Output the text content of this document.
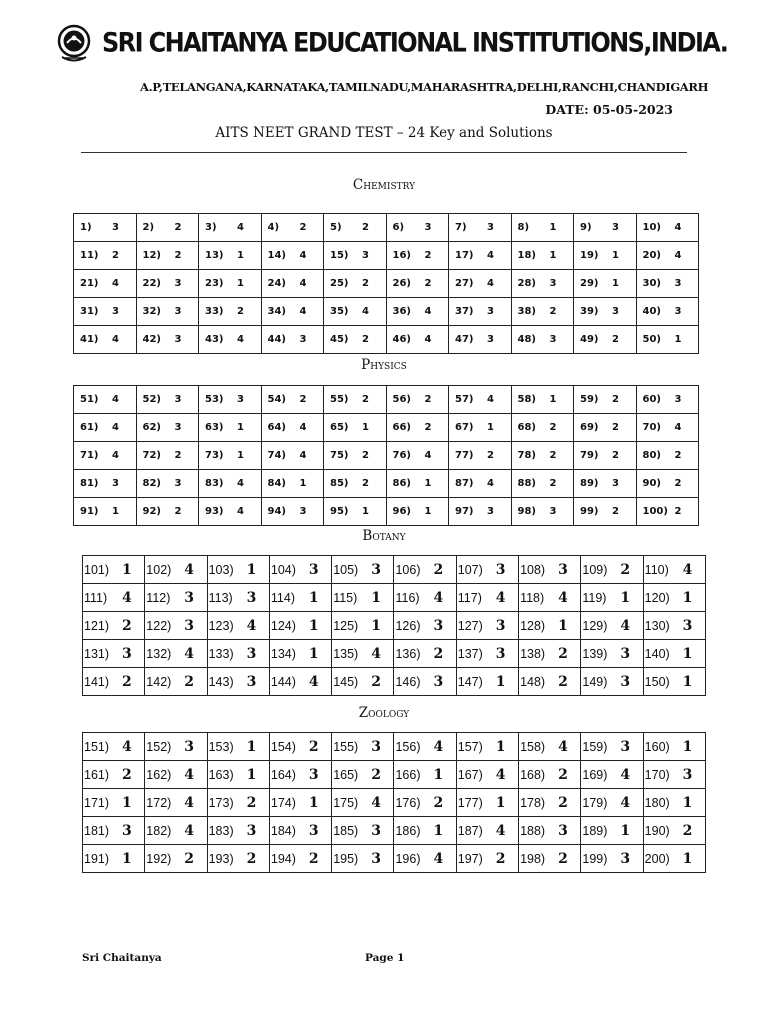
SRI CHAITANYA EDUCATIONAL INSTITUTIONS,INDIA.
A.P,TELANGANA,KARNATAKA,TAMILNADU,MAHARASHTRA,DELHI,RANCHI,CHANDIGARH
DATE: 05-05-2023
AITS NEET GRAND TEST – 24 Key and Solutions
Chemistry
1) 3	2) 2	3) 4	4) 2	5) 2	6) 3	7) 3	8) 1	9) 3	10) 4

11) 2	12) 2	13) 1	14) 4	15) 3	16) 2	17) 4	18) 1	19) 1	20) 4

21) 4	22) 3	23) 1	24) 4	25) 2	26) 2	27) 4	28) 3	29) 1	30) 3

31) 3	32) 3	33) 2	34) 4	35) 4	36) 4	37) 3	38) 2	39) 3	40) 3

41) 4	42) 3	43) 4	44) 3	45) 2	46) 4	47) 3	48) 3	49) 2	50) 1
Physics
51) 4	52) 3	53) 3	54) 2	55) 2	56) 2	57) 4	58) 1	59) 2	60) 3

61) 4	62) 3	63) 1	64) 4	65) 1	66) 2	67) 1	68) 2	69) 2	70) 4

71) 4	72) 2	73) 1	74) 4	75) 2	76) 4	77) 2	78) 2	79) 2	80) 2

81) 3	82) 3	83) 4	84) 1	85) 2	86) 1	87) 4	88) 2	89) 3	90) 2

91) 1	92) 2	93) 4	94) 3	95) 1	96) 1	97) 3	98) 3	99) 2	100) 2
Botany
101) 1	102) 4	103) 1	104) 3	105) 3	106) 2	107) 3	108) 3	109) 2	110) 4

111) 4	112) 3	113) 3	114) 1	115) 1	116) 4	117) 4	118) 4	119) 1	120) 1

121) 2	122) 3	123) 4	124) 1	125) 1	126) 3	127) 3	128) 1	129) 4	130) 3

131) 3	132) 4	133) 3	134) 1	135) 4	136) 2	137) 3	138) 2	139) 3	140) 1

141) 2	142) 2	143) 3	144) 4	145) 2	146) 3	147) 1	148) 2	149) 3	150) 1
Zoology
151) 4	152) 3	153) 1	154) 2	155) 3	156) 4	157) 1	158) 4	159) 3	160) 1

161) 2	162) 4	163) 1	164) 3	165) 2	166) 1	167) 4	168) 2	169) 4	170) 3

171) 1	172) 4	173) 2	174) 1	175) 4	176) 2	177) 1	178) 2	179) 4	180) 1

181) 3	182) 4	183) 3	184) 3	185) 3	186) 1	187) 4	188) 3	189) 1	190) 2

191) 1	192) 2	193) 2	194) 2	195) 3	196) 4	197) 2	198) 2	199) 3	200) 1
Sri Chaitanya	Page 1
